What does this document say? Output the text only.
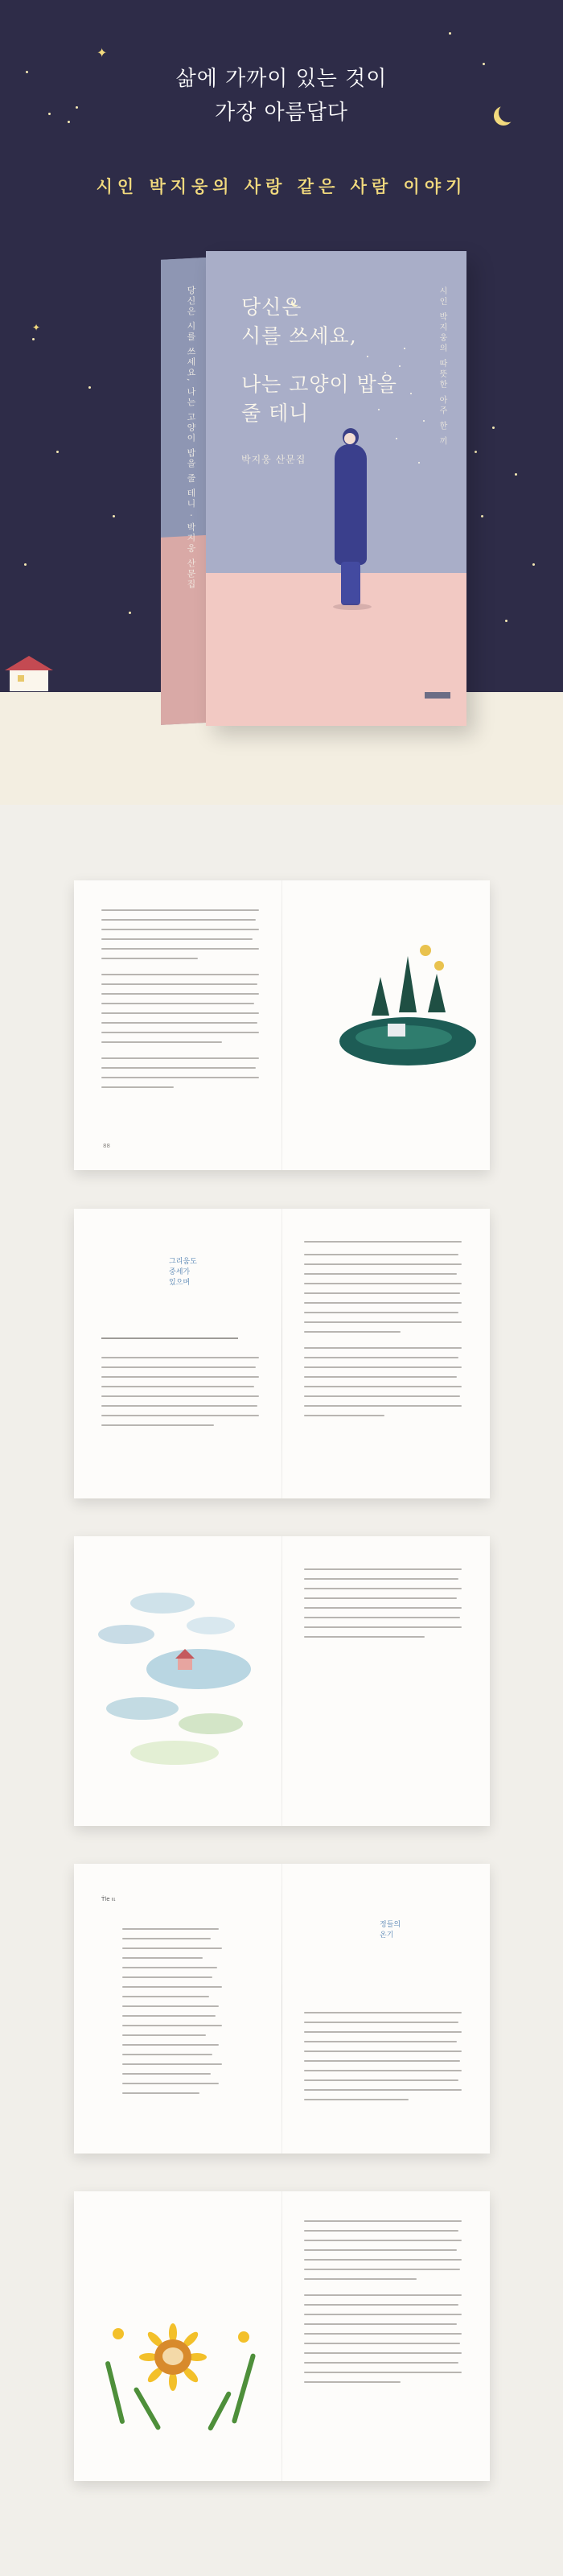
✦
✦
삶에 가까이 있는 것이
가장 아름답다
시인 박지웅의 사랑 같은 사람 이야기
당신은 시를 쓰세요, 나는 고양이 밥을 줄 테니 · 박지웅 산문집 당신은
시를 쓰세요,
나는 고양이 밥을
줄 테니
박지웅 산문집
시인 박지웅의 따뜻한 아주 한 끼
88
그리움도
중세가
있으며
Ṫle ɩɩ
정들의
온기
